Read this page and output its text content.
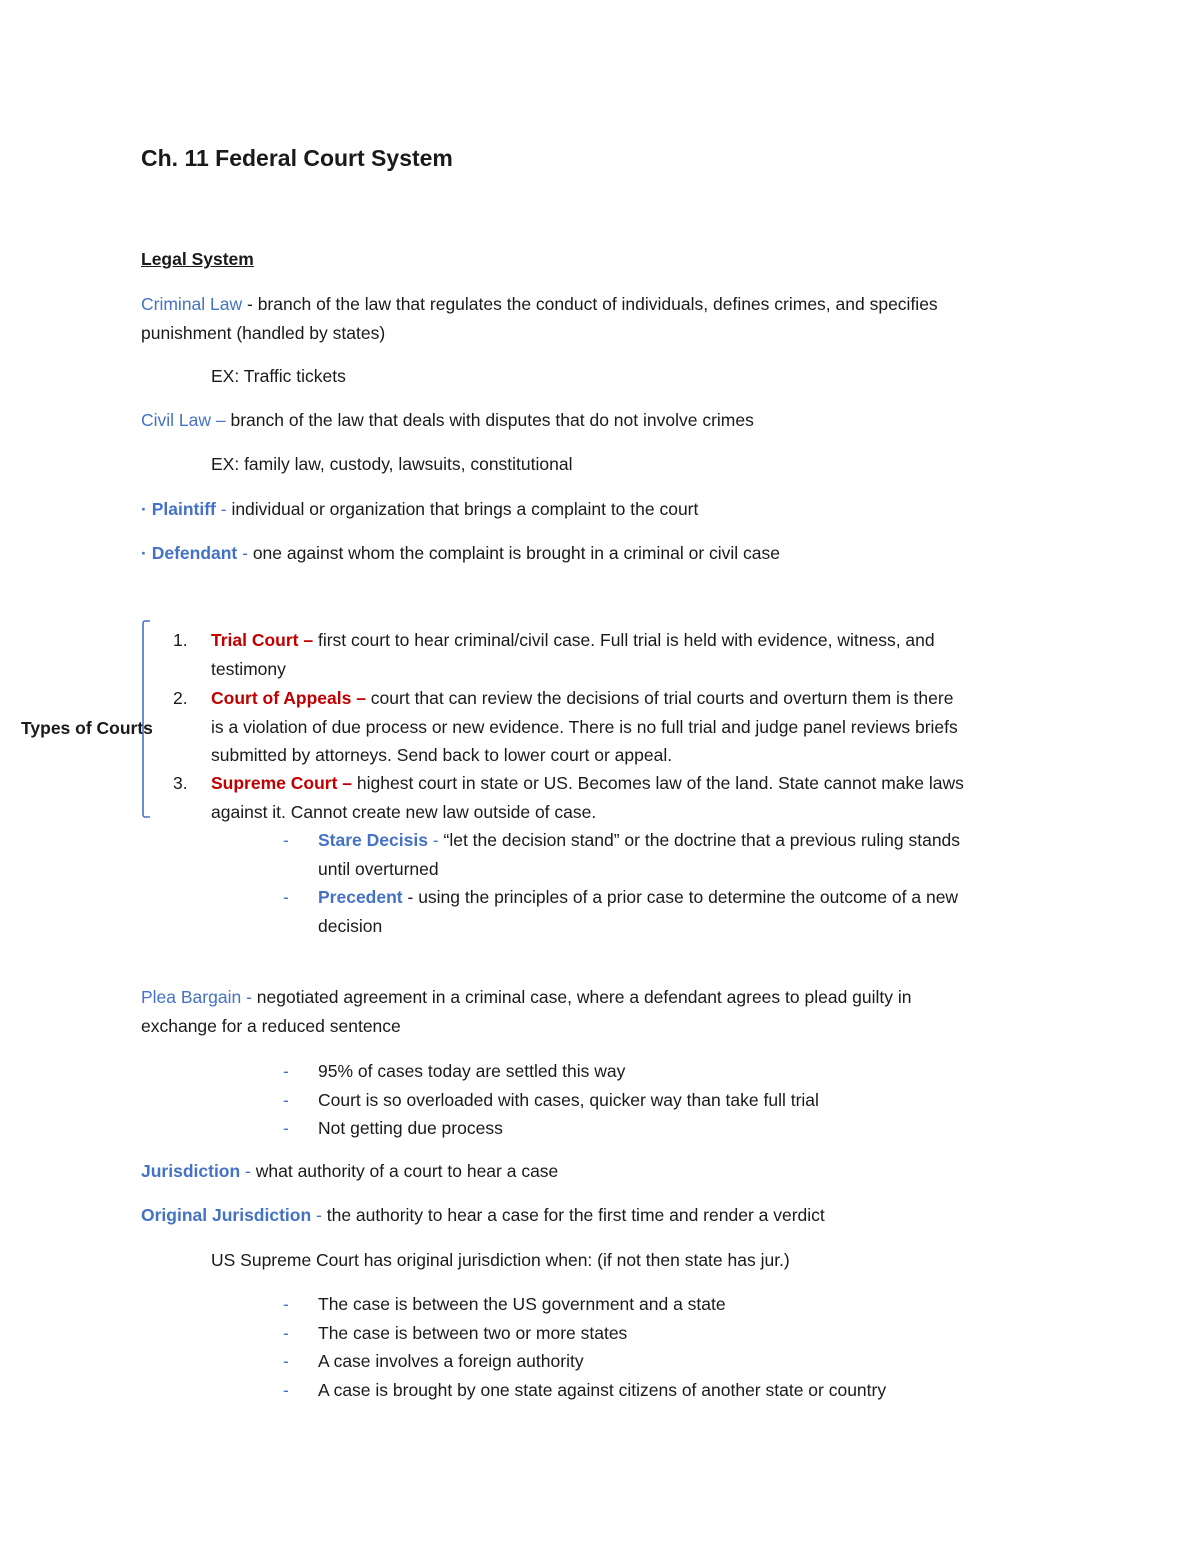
Ch. 11 Federal Court System
Legal System
Criminal Law - branch of the law that regulates the conduct of individuals, defines crimes, and specifies
punishment (handled by states)
EX: Traffic tickets
Civil Law – branch of the law that deals with disputes that do not involve crimes
EX: family law, custody, lawsuits, constitutional
· Plaintiff - individual or organization that brings a complaint to the court
· Defendant - one against whom the complaint is brought in a criminal or civil case
Types of Courts
1. Trial Court – first court to hear criminal/civil case. Full trial is held with evidence, witness, and
testimony
2. Court of Appeals – court that can review the decisions of trial courts and overturn them is there
is a violation of due process or new evidence. There is no full trial and judge panel reviews briefs
submitted by attorneys. Send back to lower court or appeal.
3. Supreme Court – highest court in state or US. Becomes law of the land. State cannot make laws
against it. Cannot create new law outside of case.
- Stare Decisis - “let the decision stand” or the doctrine that a previous ruling stands
until overturned
- Precedent - using the principles of a prior case to determine the outcome of a new
decision
Plea Bargain - negotiated agreement in a criminal case, where a defendant agrees to plead guilty in
exchange for a reduced sentence
- 95% of cases today are settled this way
- Court is so overloaded with cases, quicker way than take full trial
- Not getting due process
Jurisdiction - what authority of a court to hear a case
Original Jurisdiction - the authority to hear a case for the first time and render a verdict
US Supreme Court has original jurisdiction when: (if not then state has jur.)
- The case is between the US government and a state
- The case is between two or more states
- A case involves a foreign authority
- A case is brought by one state against citizens of another state or country
